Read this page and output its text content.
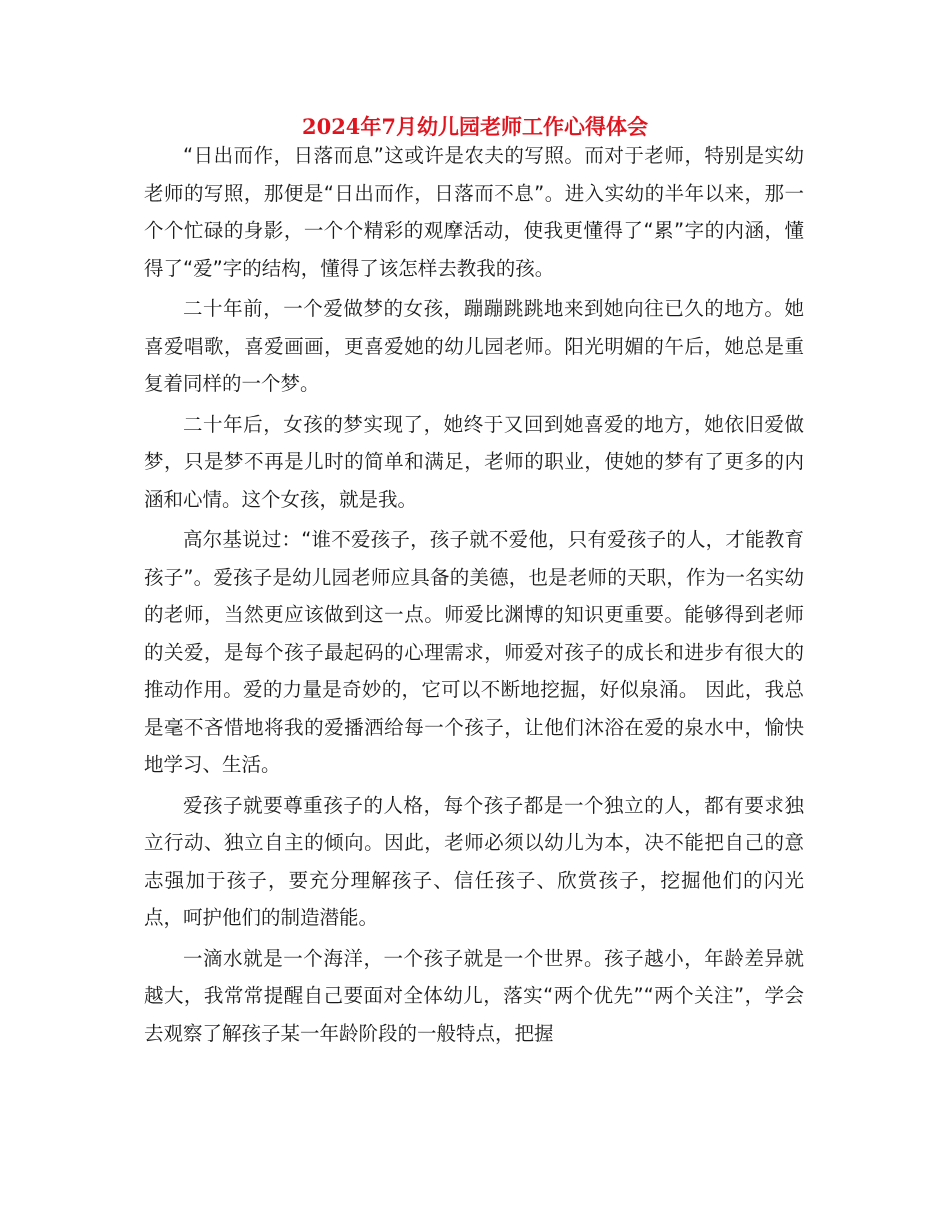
2024年7月幼儿园老师工作心得体会

“日出而作，日落而息”这或许是农夫的写照。而对于老师，特别是实幼老师的写照，那便是“日出而作，日落而不息”。进入实幼的半年以来，那一个个忙碌的身影，一个个精彩的观摩活动，使我更懂得了“累”字的内涵，懂得了“爱”字的结构，懂得了该怎样去教我的孩。

二十年前，一个爱做梦的女孩，蹦蹦跳跳地来到她向往已久的地方。她喜爱唱歌，喜爱画画，更喜爱她的幼儿园老师。阳光明媚的午后，她总是重复着同样的一个梦。

二十年后，女孩的梦实现了，她终于又回到她喜爱的地方，她依旧爱做梦，只是梦不再是儿时的简单和满足，老师的职业，使她的梦有了更多的内涵和心情。这个女孩，就是我。

高尔基说过：“谁不爱孩子，孩子就不爱他，只有爱孩子的人，才能教育孩子”。爱孩子是幼儿园老师应具备的美德，也是老师的天职，作为一名实幼的老师，当然更应该做到这一点。师爱比渊博的知识更重要。能够得到老师的关爱，是每个孩子最起码的心理需求，师爱对孩子的成长和进步有很大的推动作用。爱的力量是奇妙的，它可以不断地挖掘，好似泉涌。 因此，我总是毫不吝惜地将我的爱播洒给每一个孩子，让他们沐浴在爱的泉水中，愉快地学习、生活。

爱孩子就要尊重孩子的人格，每个孩子都是一个独立的人，都有要求独立行动、独立自主的倾向。因此，老师必须以幼儿为本，决不能把自己的意志强加于孩子，要充分理解孩子、信任孩子、欣赏孩子，挖掘他们的闪光点，呵护他们的制造潜能。

一滴水就是一个海洋，一个孩子就是一个世界。孩子越小，年龄差异就越大，我常常提醒自己要面对全体幼儿，落实“两个优先”“两个关注”，学会去观察了解孩子某一年龄阶段的一般特点，把握
